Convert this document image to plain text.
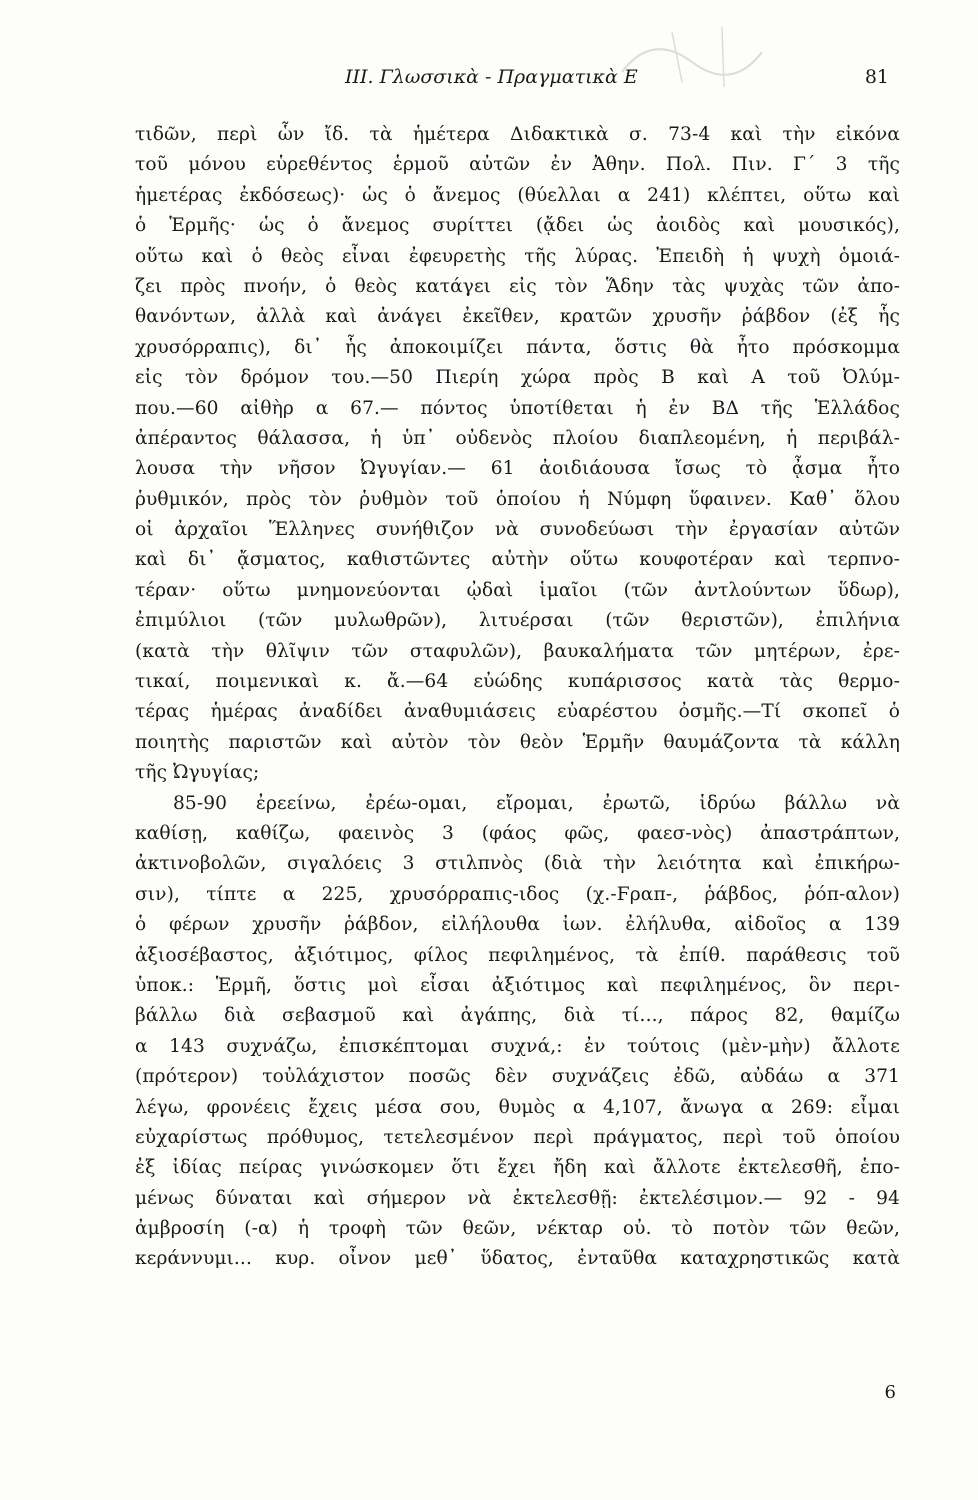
ΙΙΙ. Γλωσσικὰ - Πραγματικὰ Ε	81
τιδῶν, περὶ ὧν ἴδ. τὰ ἡμέτερα Διδακτικὰ σ. 73-4 καὶ τὴν εἰκόνα
τοῦ μόνου εὑρεθέντος ἑρμοῦ αὐτῶν ἐν Ἀθην. Πολ. Πιν. Γ΄ 3 τῆς
ἡμετέρας ἐκδόσεως)· ὡς ὁ ἄνεμος (θύελλαι α 241) κλέπτει, οὕτω καὶ
ὁ Ἑρμῆς· ὡς ὁ ἄνεμος συρίττει (ᾄδει ὡς ἀοιδὸς καὶ μουσικός),
οὕτω καὶ ὁ θεὸς εἶναι ἐφευρετὴς τῆς λύρας. Ἐπειδὴ ἡ ψυχὴ ὁμοιά-
ζει πρὸς πνοήν, ὁ θεὸς κατάγει εἰς τὸν Ἅδην τὰς ψυχὰς τῶν ἀπο-
θανόντων, ἀλλὰ καὶ ἀνάγει ἐκεῖθεν, κρατῶν χρυσῆν ῥάβδον (ἐξ ἧς
χρυσόρραπις), δι᾿ ἧς ἀποκοιμίζει πάντα, ὅστις θὰ ἦτο πρόσκομμα
εἰς τὸν δρόμον του.—50 Πιερίη χώρα πρὸς Β καὶ Α τοῦ Ὀλύμ-
που.—60 αἰθὴρ α 67.— πόντος ὑποτίθεται ἡ ἐν ΒΔ τῆς Ἑλλάδος
ἀπέραντος θάλασσα, ἡ ὑπ᾿ οὐδενὸς πλοίου διαπλεομένη, ἡ περιβάλ-
λουσα τὴν νῆσον Ὠγυγίαν.— 61 ἀοιδιάουσα ἴσως τὸ ᾆσμα ἦτο
ῥυθμικόν, πρὸς τὸν ῥυθμὸν τοῦ ὁποίου ἡ Νύμφη ὕφαινεν. Καθ᾿ ὅλου
οἱ ἀρχαῖοι Ἕλληνες συνήθιζον νὰ συνοδεύωσι τὴν ἐργασίαν αὐτῶν
καὶ δι᾿ ᾄσματος, καθιστῶντες αὐτὴν οὕτω κουφοτέραν καὶ τερπνο-
τέραν· οὕτω μνημονεύονται ᾠδαὶ ἱμαῖοι (τῶν ἀντλούντων ὕδωρ),
ἐπιμύλιοι (τῶν μυλωθρῶν), λιτυέρσαι (τῶν θεριστῶν), ἐπιλήνια
(κατὰ τὴν θλῖψιν τῶν σταφυλῶν), βαυκαλήματα τῶν μητέρων, ἐρε-
τικαί, ποιμενικαὶ κ. ἄ.—64 εὐώδης κυπάρισσος κατὰ τὰς θερμο-
τέρας ἡμέρας ἀναδίδει ἀναθυμιάσεις εὐαρέστου ὀσμῆς.—Τί σκοπεῖ ὁ
ποιητὴς παριστῶν καὶ αὐτὸν τὸν θεὸν Ἑρμῆν θαυμάζοντα τὰ κάλλη
τῆς Ὠγυγίας;
85-90 ἐρεείνω, ἐρέω-ομαι, εἴρομαι, ἐρωτῶ, ἱδρύω βάλλω νὰ
καθίσῃ, καθίζω, φαεινὸς 3 (φάος φῶς, φαεσ-νὸς) ἀπαστράπτων,
ἀκτινοβολῶν, σιγαλόεις 3 στιλπνὸς (διὰ τὴν λειότητα καὶ ἐπικήρω-
σιν), τίπτε α 225, χρυσόρραπις-ιδος (χ.-Ϝραπ-, ῥάβδος, ῥόπ-αλον)
ὁ φέρων χρυσῆν ῥάβδον, εἰλήλουθα ἰων. ἐλήλυθα, αἰδοῖος α 139
ἀξιοσέβαστος, ἀξιότιμος, φίλος πεφιλημένος, τὰ ἐπίθ. παράθεσις τοῦ
ὑποκ.: Ἑρμῆ, ὅστις μοὶ εἶσαι ἀξιότιμος καὶ πεφιλημένος, ὃν περι-
βάλλω διὰ σεβασμοῦ καὶ ἀγάπης, διὰ τί..., πάρος 82, θαμίζω
α 143 συχνάζω, ἐπισκέπτομαι συχνά,: ἐν τούτοις (μὲν-μὴν) ἄλλοτε
(πρότερον) τοὐλάχιστον ποσῶς δὲν συχνάζεις ἐδῶ, αὐδάω α 371
λέγω, φρονέεις ἔχεις μέσα σου, θυμὸς α 4,107, ἄνωγα α 269: εἶμαι
εὐχαρίστως πρόθυμος, τετελεσμένον περὶ πράγματος, περὶ τοῦ ὁποίου
ἐξ ἰδίας πείρας γινώσκομεν ὅτι ἔχει ἤδη καὶ ἄλλοτε ἐκτελεσθῆ, ἑπο-
μένως δύναται καὶ σήμερον νὰ ἐκτελεσθῇ: ἐκτελέσιμον.— 92 - 94
ἀμβροσίη (-α) ἡ τροφὴ τῶν θεῶν, νέκταρ οὐ. τὸ ποτὸν τῶν θεῶν,
κεράννυμι... κυρ. οἶνον μεθ᾿ ὕδατος, ἐνταῦθα καταχρηστικῶς κατὰ
6
